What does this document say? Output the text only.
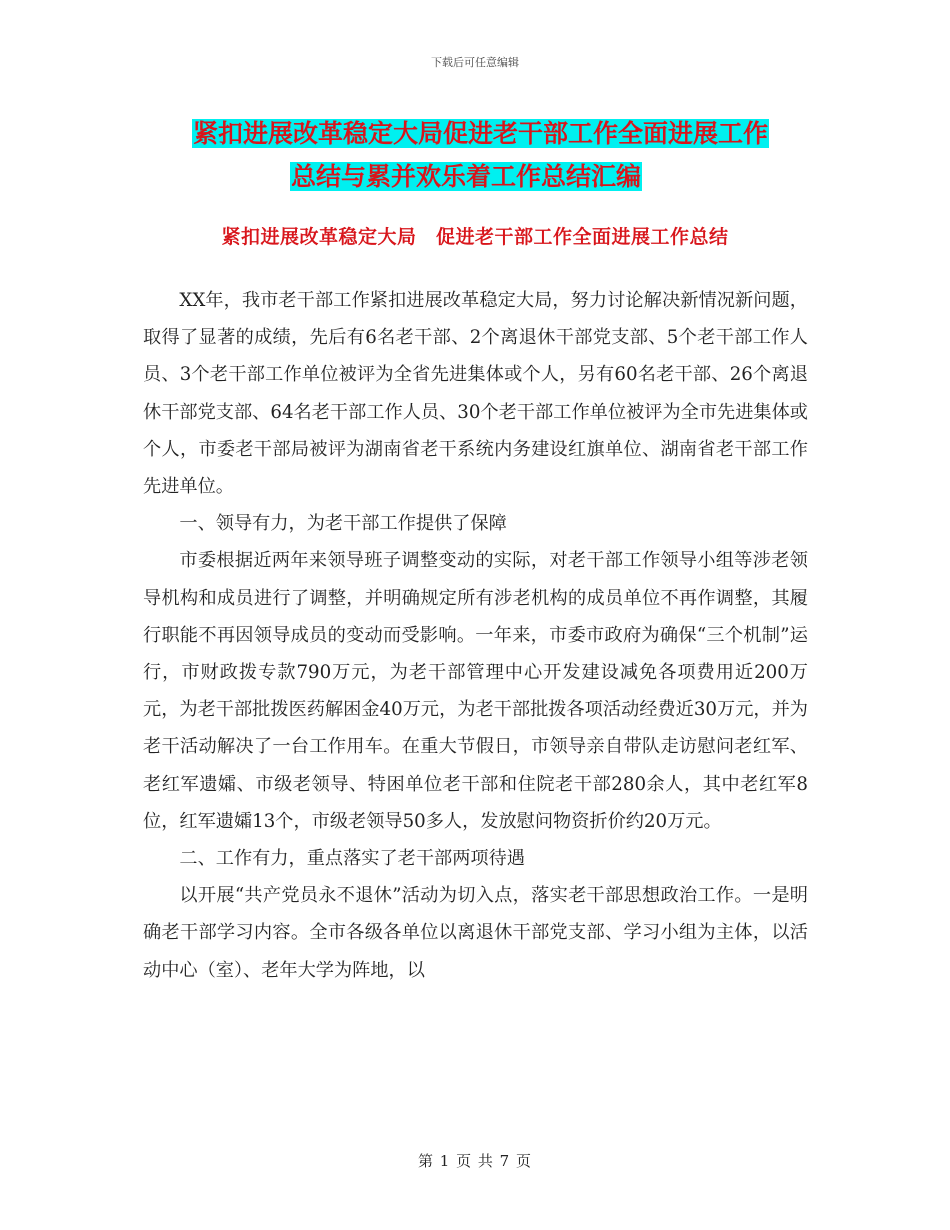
下载后可任意编辑
紧扣进展改革稳定大局促进老干部工作全面进展工作
总结与累并欢乐着工作总结汇编
紧扣进展改革稳定大局　促进老干部工作全面进展工作总结

XX年，我市老干部工作紧扣进展改革稳定大局，努力讨论解决新情况新问题，取得了显著的成绩，先后有6名老干部、2个离退休干部党支部、5个老干部工作人员、3个老干部工作单位被评为全省先进集体或个人，另有60名老干部、26个离退休干部党支部、64名老干部工作人员、30个老干部工作单位被评为全市先进集体或个人，市委老干部局被评为湖南省老干系统内务建设红旗单位、湖南省老干部工作先进单位。

一、领导有力，为老干部工作提供了保障

市委根据近两年来领导班子调整变动的实际，对老干部工作领导小组等涉老领导机构和成员进行了调整，并明确规定所有涉老机构的成员单位不再作调整，其履行职能不再因领导成员的变动而受影响。一年来，市委市政府为确保“三个机制”运行，市财政拨专款790万元，为老干部管理中心开发建设减免各项费用近200万元，为老干部批拨医药解困金40万元，为老干部批拨各项活动经费近30万元，并为老干活动解决了一台工作用车。在重大节假日，市领导亲自带队走访慰问老红军、老红军遗孀、市级老领导、特困单位老干部和住院老干部280余人，其中老红军8位，红军遗孀13个，市级老领导50多人，发放慰问物资折价约20万元。

二、工作有力，重点落实了老干部两项待遇

以开展“共产党员永不退休”活动为切入点，落实老干部思想政治工作。一是明确老干部学习内容。全市各级各单位以离退休干部党支部、学习小组为主体，以活动中心（室）、老年大学为阵地，以

第 1 页 共 7 页
